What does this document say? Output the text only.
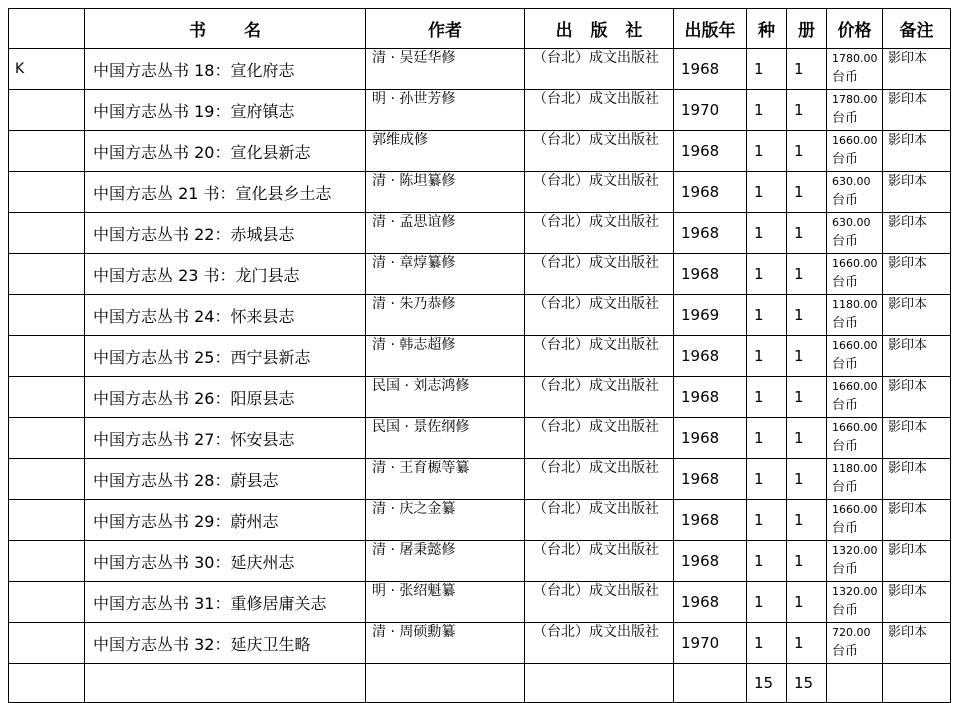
	书 名	作者	出 版 社	出版年	种	册	价格	备注
K	中国方志丛书 18：宣化府志	清 · 吴廷华修	（台北）成文出版社	1968	1	1	1780.00台币	影印本
	中国方志丛书 19：宣府镇志	明 · 孙世芳修	（台北）成文出版社	1970	1	1	1780.00台币	影印本
	中国方志丛书 20：宣化县新志	郭维成修	（台北）成文出版社	1968	1	1	1660.00台币	影印本
	中国方志丛 21 书：宣化县乡土志	清 · 陈坦纂修	（台北）成文出版社	1968	1	1	630.00台币	影印本
	中国方志丛书 22：赤城县志	清 · 孟思谊修	（台北）成文出版社	1968	1	1	630.00台币	影印本
	中国方志丛 23 书：龙门县志	清 · 章焞纂修	（台北）成文出版社	1968	1	1	1660.00台币	影印本
	中国方志丛书 24：怀来县志	清 · 朱乃恭修	（台北）成文出版社	1969	1	1	1180.00台币	影印本
	中国方志丛书 25：西宁县新志	清 · 韩志超修	（台北）成文出版社	1968	1	1	1660.00台币	影印本
	中国方志丛书 26：阳原县志	民国 · 刘志鸿修	（台北）成文出版社	1968	1	1	1660.00台币	影印本
	中国方志丛书 27：怀安县志	民国 · 景佐纲修	（台北）成文出版社	1968	1	1	1660.00台币	影印本
	中国方志丛书 28：蔚县志	清 · 王育榞等纂	（台北）成文出版社	1968	1	1	1180.00台币	影印本
	中国方志丛书 29：蔚州志	清 · 庆之金纂	（台北）成文出版社	1968	1	1	1660.00台币	影印本
	中国方志丛书 30：延庆州志	清 · 屠秉懿修	（台北）成文出版社	1968	1	1	1320.00台币	影印本
	中国方志丛书 31：重修居庸关志	明 · 张绍魁纂	（台北）成文出版社	1968	1	1	1320.00台币	影印本
	中国方志丛书 32：延庆卫生略	清 · 周硕勳纂	（台北）成文出版社	1970	1	1	720.00台币	影印本
					15	15		
